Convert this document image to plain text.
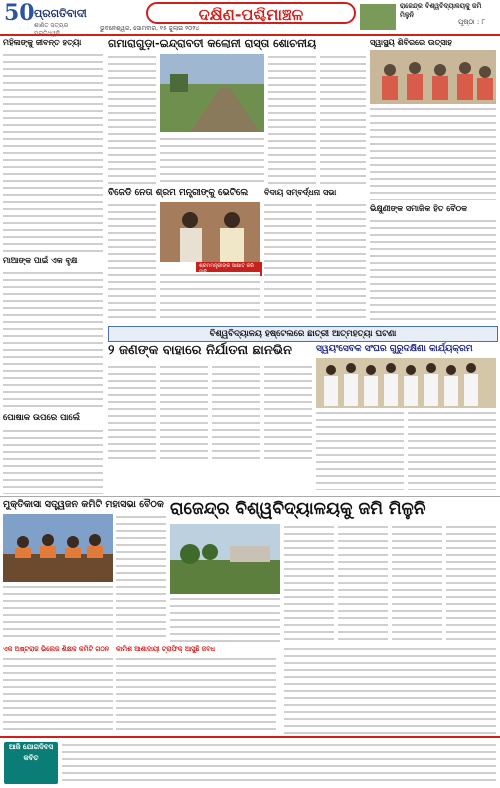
50 ପ୍ରଗତିବାଦୀ
ଶାଣିତ ସତ୍ୟର
ଦକ୍ଷିଣ-ପଶ୍ଚିମାଞ୍ଚଳ
ଭୁବନେଶ୍ୱର, ସୋମବାର, ୧୫ ଜୁଲାଇ ୨୦୨୪
ପୃଷ୍ଠା : ୮
ରାଜେନ୍ଦ୍ର ବିଶ୍ୱବିଦ୍ୟାଳୟକୁ ଜମି ମିଳୁନି
ମହିଳାଙ୍କୁ ଜୀବନ୍ତ ହତ୍ୟା	ଗମାରାଗୁଡ଼ା-ଇନ୍ଦ୍ରାବତୀ କଲୋନୀ ରାସ୍ତା ଶୋଚନୀୟ	ସ୍ୱାସ୍ଥ୍ୟ ଶିବିରରେ ଉତ୍ସାହ
ବିଜେଡି ନେତା ଶ୍ରମ ମନ୍ତ୍ରୀଙ୍କୁ ଭେଟିଲେ
ଶ୍ରମମନ୍ତ୍ରୀଙ୍କ ସାକ୍ଷାତ କରି
ବିଦାୟ ସମ୍ବର୍ଦ୍ଧନା ସଭା
ଭିକ୍ଷୁଣୀଙ୍କ ସମାଜିକ ହିତ ବୈଠକ
ମାଆଙ୍କ ପାଇଁ ଏକ ବୃକ୍ଷ
ବିଶ୍ୱବିଦ୍ୟାଳୟ ହଷ୍ଟେଲରେ ଛାତ୍ରୀ ଆତ୍ମହତ୍ୟା ଘଟଣା
୨ ଜଣଙ୍କ ବାହାରେ ନିର୍ଯାତନା ଛାନଭିନ	ସ୍ୱୟଂସେବକ ସଂଘର ଗୁରୁଦକ୍ଷିଣା କାର୍ଯ୍ୟକ୍ରମ
ପୋଷାକ ଉପରେ ପାଲେଁ
ମୁକ୍ତିକାସା ସତ୍ତ୍ୱଜନ କମିଟି ମହାସଭା ବୈଠକ ରାଜେନ୍ଦ୍ର ବିଶ୍ୱବିଦ୍ୟାଳୟକୁ ଜମି ମିଳୁନି
କାମିଶ ଆଶାଦାୟୀ ଟ୍ରାଫିକ୍ ଆସୁଛି ଜବଧ
ଏକ ଅଷ୍ଟରାଜ ଭିଲେଜ ଶିକ୍ଷକ କମିଟି ଗଠନ
ଆଜି ଯୋଗଦିବସ କବିତ
